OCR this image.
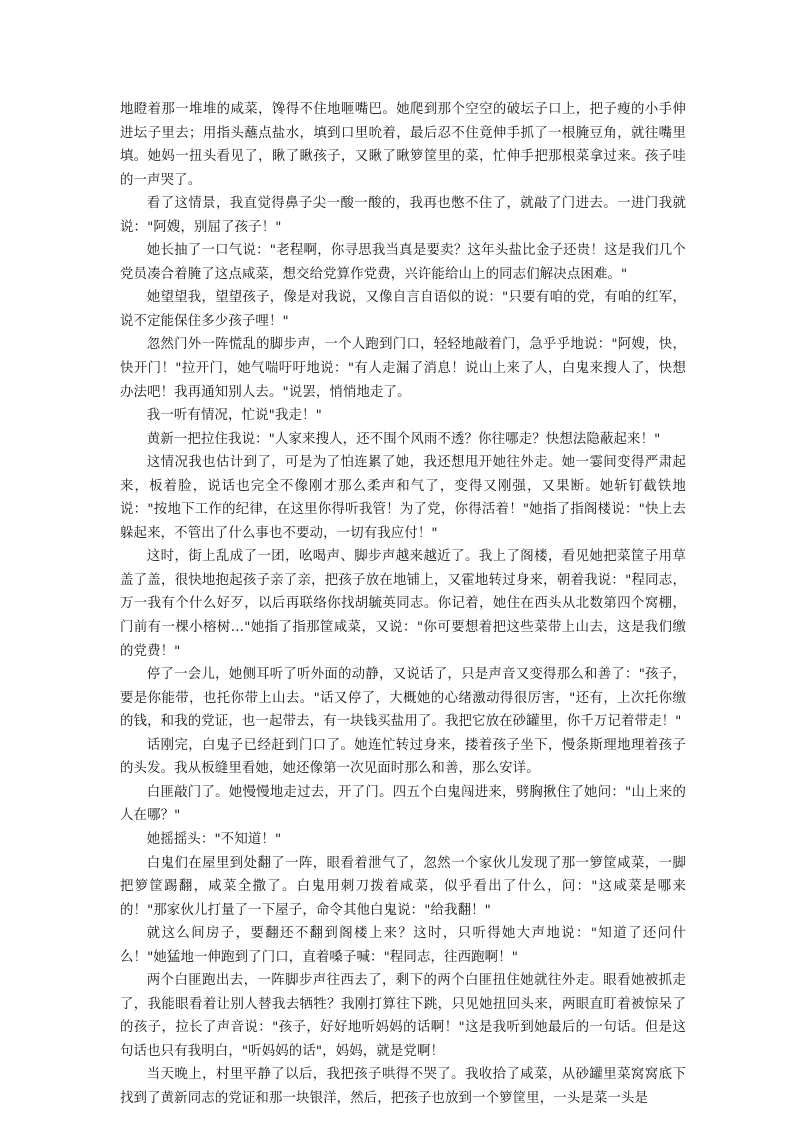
地瞪着那一堆堆的咸菜，馋得不住地咂嘴巴。她爬到那个空空的破坛子口上，把子瘦的小手伸进坛子里去；用指头蘸点盐水，填到口里吮着，最后忍不住竟伸手抓了一根腌豆角，就往嘴里填。她妈一扭头看见了，瞅了瞅孩子，又瞅了瞅箩筐里的菜，忙伸手把那根菜拿过来。孩子哇的一声哭了。

看了这情景，我直觉得鼻子尖一酸一酸的，我再也憋不住了，就敲了门进去。一进门我就说："阿嫂，别屈了孩子！"

她长抽了一口气说："老程啊，你寻思我当真是要卖？这年头盐比金子还贵！这是我们几个党员凑合着腌了这点咸菜，想交给党算作党费，兴许能给山上的同志们解决点困难。"

她望望我，望望孩子，像是对我说，又像自言自语似的说："只要有咱的党，有咱的红军，说不定能保住多少孩子哩！"

忽然门外一阵慌乱的脚步声，一个人跑到门口，轻轻地敲着门，急乎乎地说："阿嫂，快，快开门！"拉开门，她气喘吁吁地说："有人走漏了消息！说山上来了人，白鬼来搜人了，快想办法吧！我再通知别人去。"说罢，悄悄地走了。

我一听有情况，忙说"我走！"

黄新一把拉住我说："人家来搜人，还不围个风雨不透？你往哪走？快想法隐蔽起来！"

这情况我也估计到了，可是为了怕连累了她，我还想甩开她往外走。她一霎间变得严肃起来，板着脸，说话也完全不像刚才那么柔声和气了，变得又刚强，又果断。她斩钉截铁地说："按地下工作的纪律，在这里你得听我管！为了党，你得活着！"她指了指阁楼说："快上去躲起来，不管出了什么事也不要动，一切有我应付！"

这时，街上乱成了一团，吆喝声、脚步声越来越近了。我上了阁楼，看见她把菜筐子用草盖了盖，很快地抱起孩子亲了亲，把孩子放在地铺上，又霍地转过身来，朝着我说："程同志，万一我有个什么好歹，以后再联络你找胡毓英同志。你记着，她住在西头从北数第四个窝棚，门前有一棵小榕树…"她指了指那筐咸菜，又说："你可要想着把这些菜带上山去，这是我们缴的党费！"

停了一会儿，她侧耳听了听外面的动静，又说话了，只是声音又变得那么和善了："孩子，要是你能带，也托你带上山去。"话又停了，大概她的心绪激动得很厉害，"还有，上次托你缴的钱，和我的党证，也一起带去，有一块钱买盐用了。我把它放在砂罐里，你千万记着带走！"

话刚完，白鬼子已经赶到门口了。她连忙转过身来，搂着孩子坐下，慢条斯理地理着孩子的头发。我从板缝里看她，她还像第一次见面时那么和善，那么安详。

白匪敲门了。她慢慢地走过去，开了门。四五个白鬼闯进来，劈胸揪住了她问："山上来的人在哪？"

她摇摇头："不知道！"

白鬼们在屋里到处翻了一阵，眼看着泄气了，忽然一个家伙儿发现了那一箩筐咸菜，一脚把箩筐踢翻，咸菜全撒了。白鬼用刺刀拨着咸菜，似乎看出了什么，问："这咸菜是哪来的！"那家伙儿打量了一下屋子，命令其他白鬼说："给我翻！"

就这么间房子，要翻还不翻到阁楼上来？这时，只听得她大声地说："知道了还问什么！"她猛地一伸跑到了门口，直着嗓子喊："程同志，往西跑啊！"

两个白匪跑出去，一阵脚步声往西去了，剩下的两个白匪扭住她就往外走。眼看她被抓走了，我能眼看着让别人替我去牺牲？我刚打算往下跳，只见她扭回头来，两眼直盯着被惊呆了的孩子，拉长了声音说："孩子，好好地听妈妈的话啊！"这是我听到她最后的一句话。但是这句话也只有我明白，"听妈妈的话"，妈妈，就是党啊！

当天晚上，村里平静了以后，我把孩子哄得不哭了。我收拾了咸菜，从砂罐里菜窝窝底下找到了黄新同志的党证和那一块银洋，然后，把孩子也放到一个箩筐里，一头是菜一头是
